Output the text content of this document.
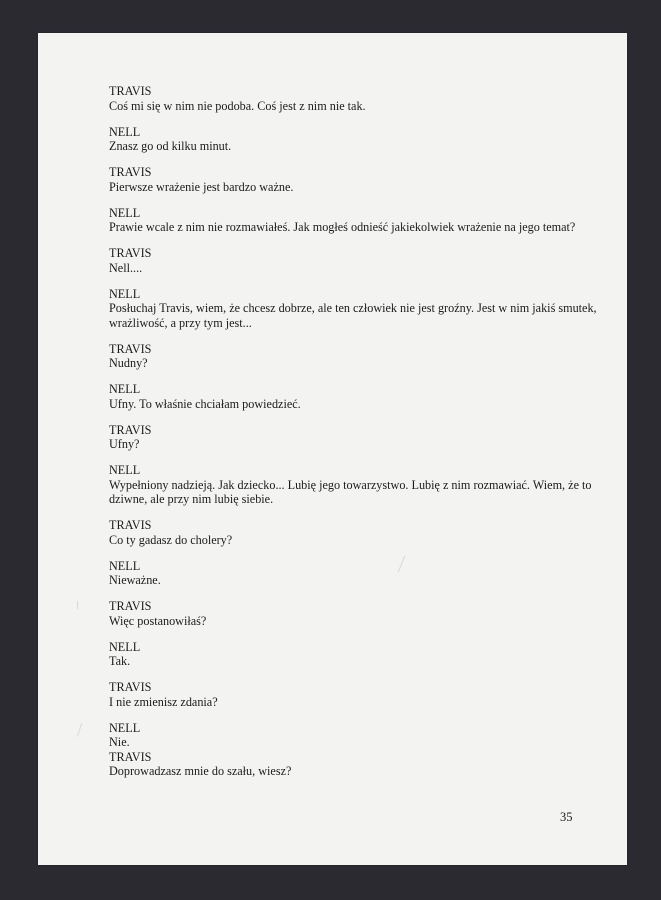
TRAVIS
Coś mi się w nim nie podoba. Coś jest z nim nie tak.
NELL
Znasz go od kilku minut.
TRAVIS
Pierwsze wrażenie jest bardzo ważne.
NELL
Prawie wcale z nim nie rozmawiałeś. Jak mogłeś odnieść jakiekolwiek wrażenie na jego temat?
TRAVIS
Nell....
NELL
Posłuchaj Travis, wiem, że chcesz dobrze, ale ten człowiek nie jest groźny. Jest w nim jakiś smutek, wrażliwość, a przy tym jest...
TRAVIS
Nudny?
NELL
Ufny. To właśnie chciałam powiedzieć.
TRAVIS
Ufny?
NELL
Wypełniony nadzieją. Jak dziecko... Lubię jego towarzystwo. Lubię z nim rozmawiać. Wiem, że to dziwne, ale przy nim lubię siebie.
TRAVIS
Co ty gadasz do cholery?
NELL
Nieważne.
TRAVIS
Więc postanowiłaś?
NELL
Tak.
TRAVIS
I nie zmienisz zdania?
NELL
Nie.
TRAVIS
Doprowadzasz mnie do szału, wiesz?
35
